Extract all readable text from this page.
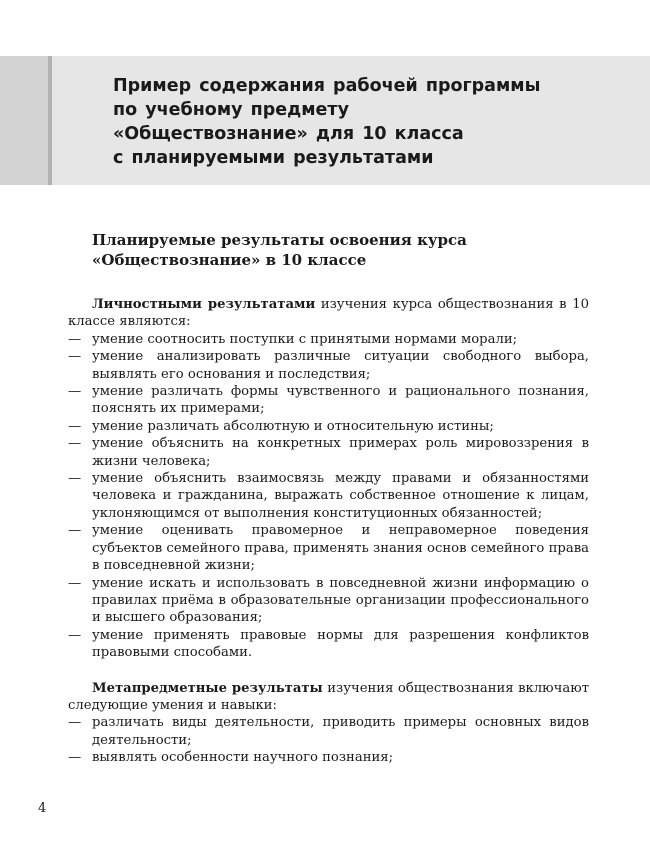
Пример содержания рабочей программы
по учебному предмету
«Обществознание» для 10 класса
с планируемыми результатами
Планируемые результаты освоения курса
«Обществознание» в 10 классе

Личностными результатами изучения курса обществознания в 10 классе являются:

— умение соотносить поступки с принятыми нормами морали;
— умение анализировать различные ситуации свободного выбора, выявлять его основания и последствия;
— умение различать формы чувственного и рационального познания, пояснять их примерами;
— умение различать абсолютную и относительную истины;
— умение объяснить на конкретных примерах роль мировоззрения в жизни человека;
— умение объяснить взаимосвязь между правами и обязанностями человека и гражданина, выражать собственное отношение к лицам, уклоняющимся от выполнения конституционных обязанностей;
— умение оценивать правомерное и неправомерное поведения субъектов семейного права, применять знания основ семейного права в повседневной жизни;
— умение искать и использовать в повседневной жизни информацию о правилах приёма в образовательные организации профессионального и высшего образования;
— умение применять правовые нормы для разрешения конфликтов правовыми способами.

Метапредметные результаты изучения обществознания включают следующие умения и навыки:

— различать виды деятельности, приводить примеры основных видов деятельности;
— выявлять особенности научного познания;
4
